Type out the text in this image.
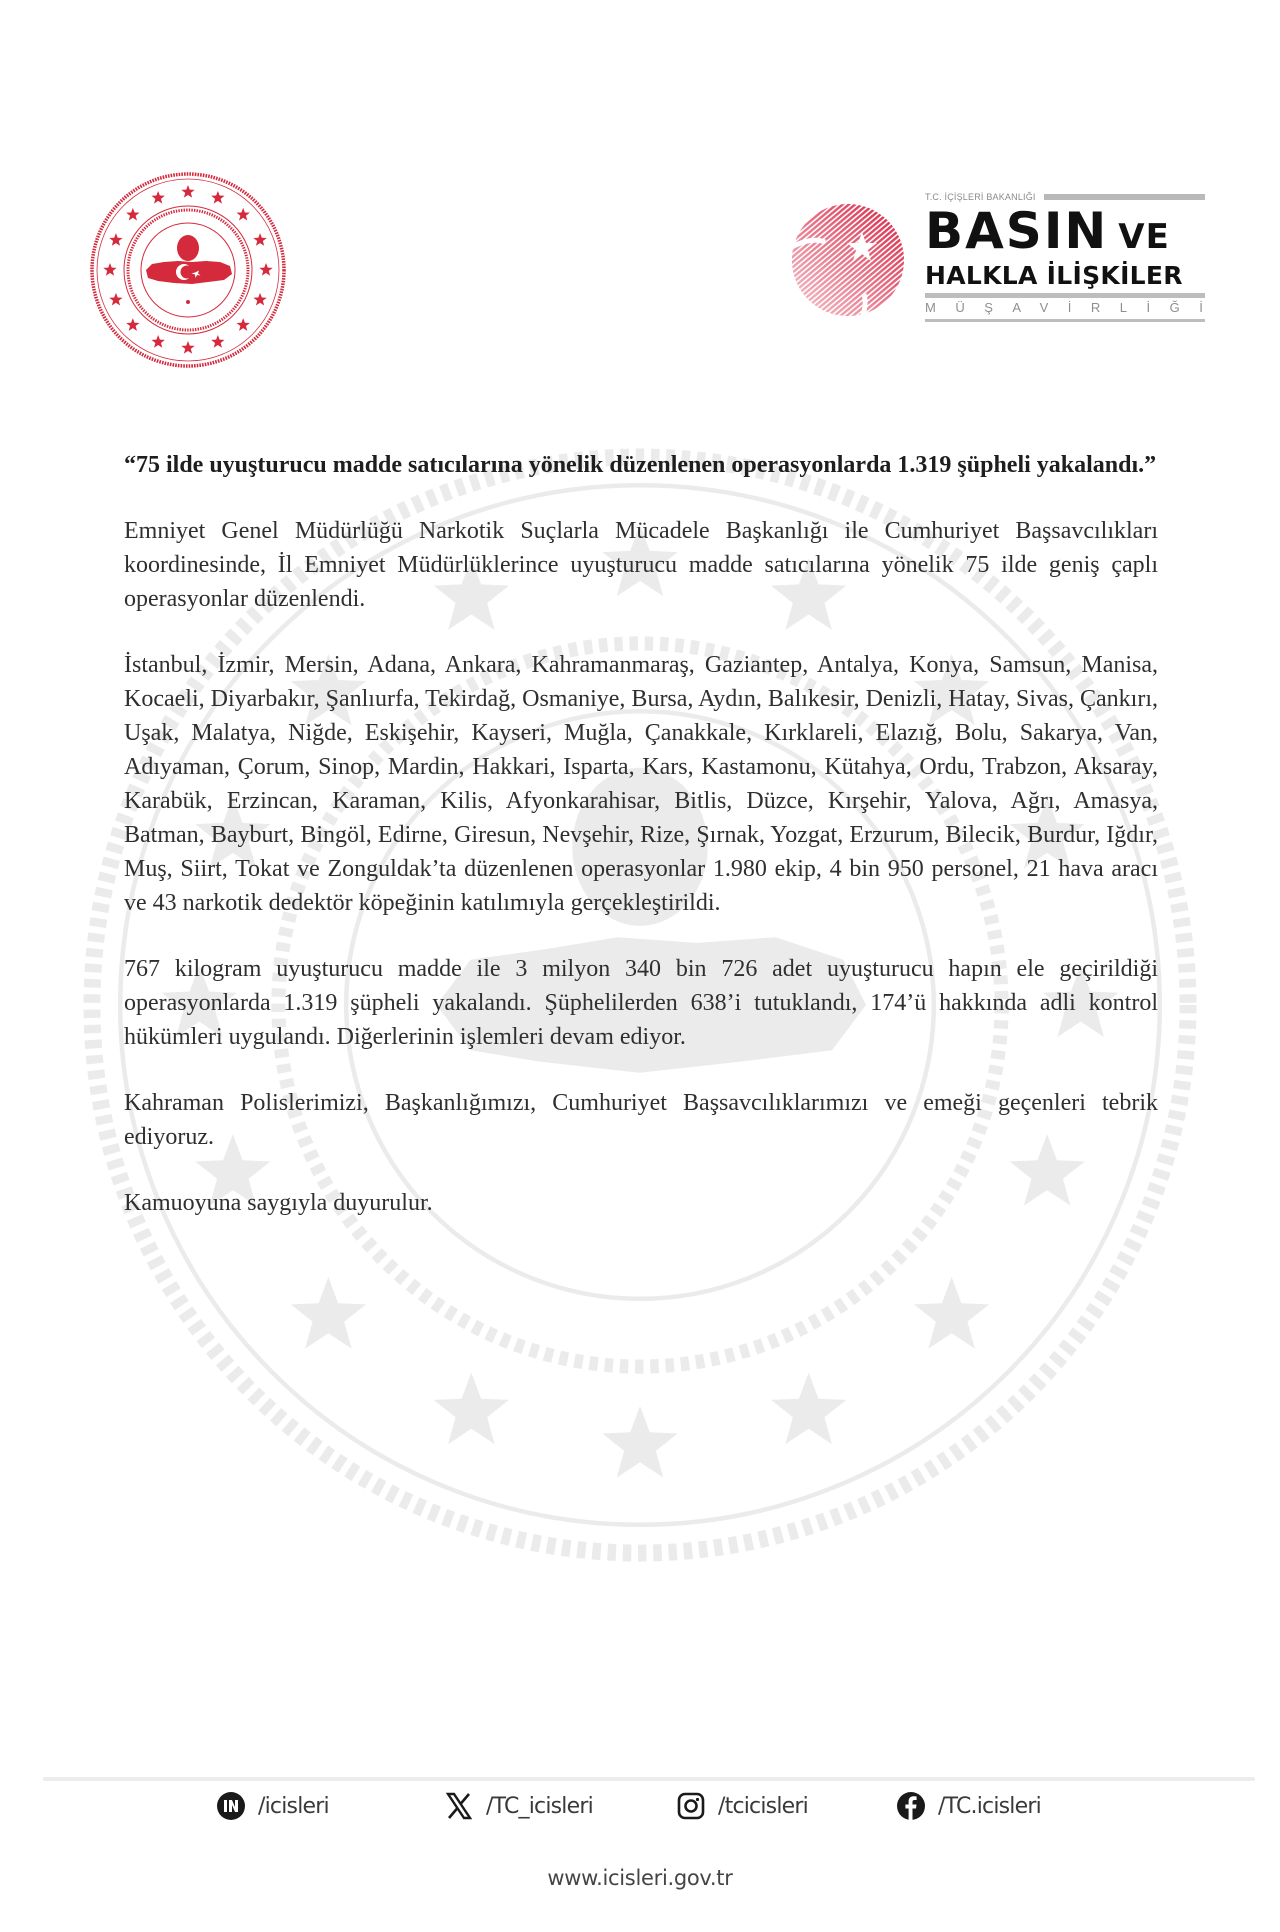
T.C. İÇİŞLERİ BAKANLIĞI
BASIN VE
HALKLA İLİŞKİLER
MÜŞAVİRLİĞİ

“75 ilde uyuşturucu madde satıcılarına yönelik düzenlenen operasyonlarda 1.319 şüpheli yakalandı.”

Emniyet Genel Müdürlüğü Narkotik Suçlarla Mücadele Başkanlığı ile Cumhuriyet Başsavcılıkları koordinesinde, İl Emniyet Müdürlüklerince uyuşturucu madde satıcılarına yönelik 75 ilde geniş çaplı operasyonlar düzenlendi.

İstanbul, İzmir, Mersin, Adana, Ankara, Kahramanmaraş, Gaziantep, Antalya, Konya, Samsun, Manisa, Kocaeli, Diyarbakır, Şanlıurfa, Tekirdağ, Osmaniye, Bursa, Aydın, Balıkesir, Denizli, Hatay, Sivas, Çankırı, Uşak, Malatya, Niğde, Eskişehir, Kayseri, Muğla, Çanakkale, Kırklareli, Elazığ, Bolu, Sakarya, Van, Adıyaman, Çorum, Sinop, Mardin, Hakkari, Isparta, Kars, Kastamonu, Kütahya, Ordu, Trabzon, Aksaray, Karabük, Erzincan, Karaman, Kilis, Afyonkarahisar, Bitlis, Düzce, Kırşehir, Yalova, Ağrı, Amasya, Batman, Bayburt, Bingöl, Edirne, Giresun, Nevşehir, Rize, Şırnak, Yozgat, Erzurum, Bilecik, Burdur, Iğdır, Muş, Siirt, Tokat ve Zonguldak’ta düzenlenen operasyonlar 1.980 ekip, 4 bin 950 personel, 21 hava aracı ve 43 narkotik dedektör köpeğinin katılımıyla gerçekleştirildi.

767 kilogram uyuşturucu madde ile 3 milyon 340 bin 726 adet uyuşturucu hapın ele geçirildiği operasyonlarda 1.319 şüpheli yakalandı. Şüphelilerden 638’i tutuklandı, 174’ü hakkında adli kontrol hükümleri uygulandı. Diğerlerinin işlemleri devam ediyor.

Kahraman Polislerimizi, Başkanlığımızı, Cumhuriyet Başsavcılıklarımızı ve emeği geçenleri tebrik ediyoruz.

Kamuoyuna saygıyla duyurulur.

/icisleri	/TC_icisleri	/tcicisleri	/TC.icisleri
www.icisleri.gov.tr
